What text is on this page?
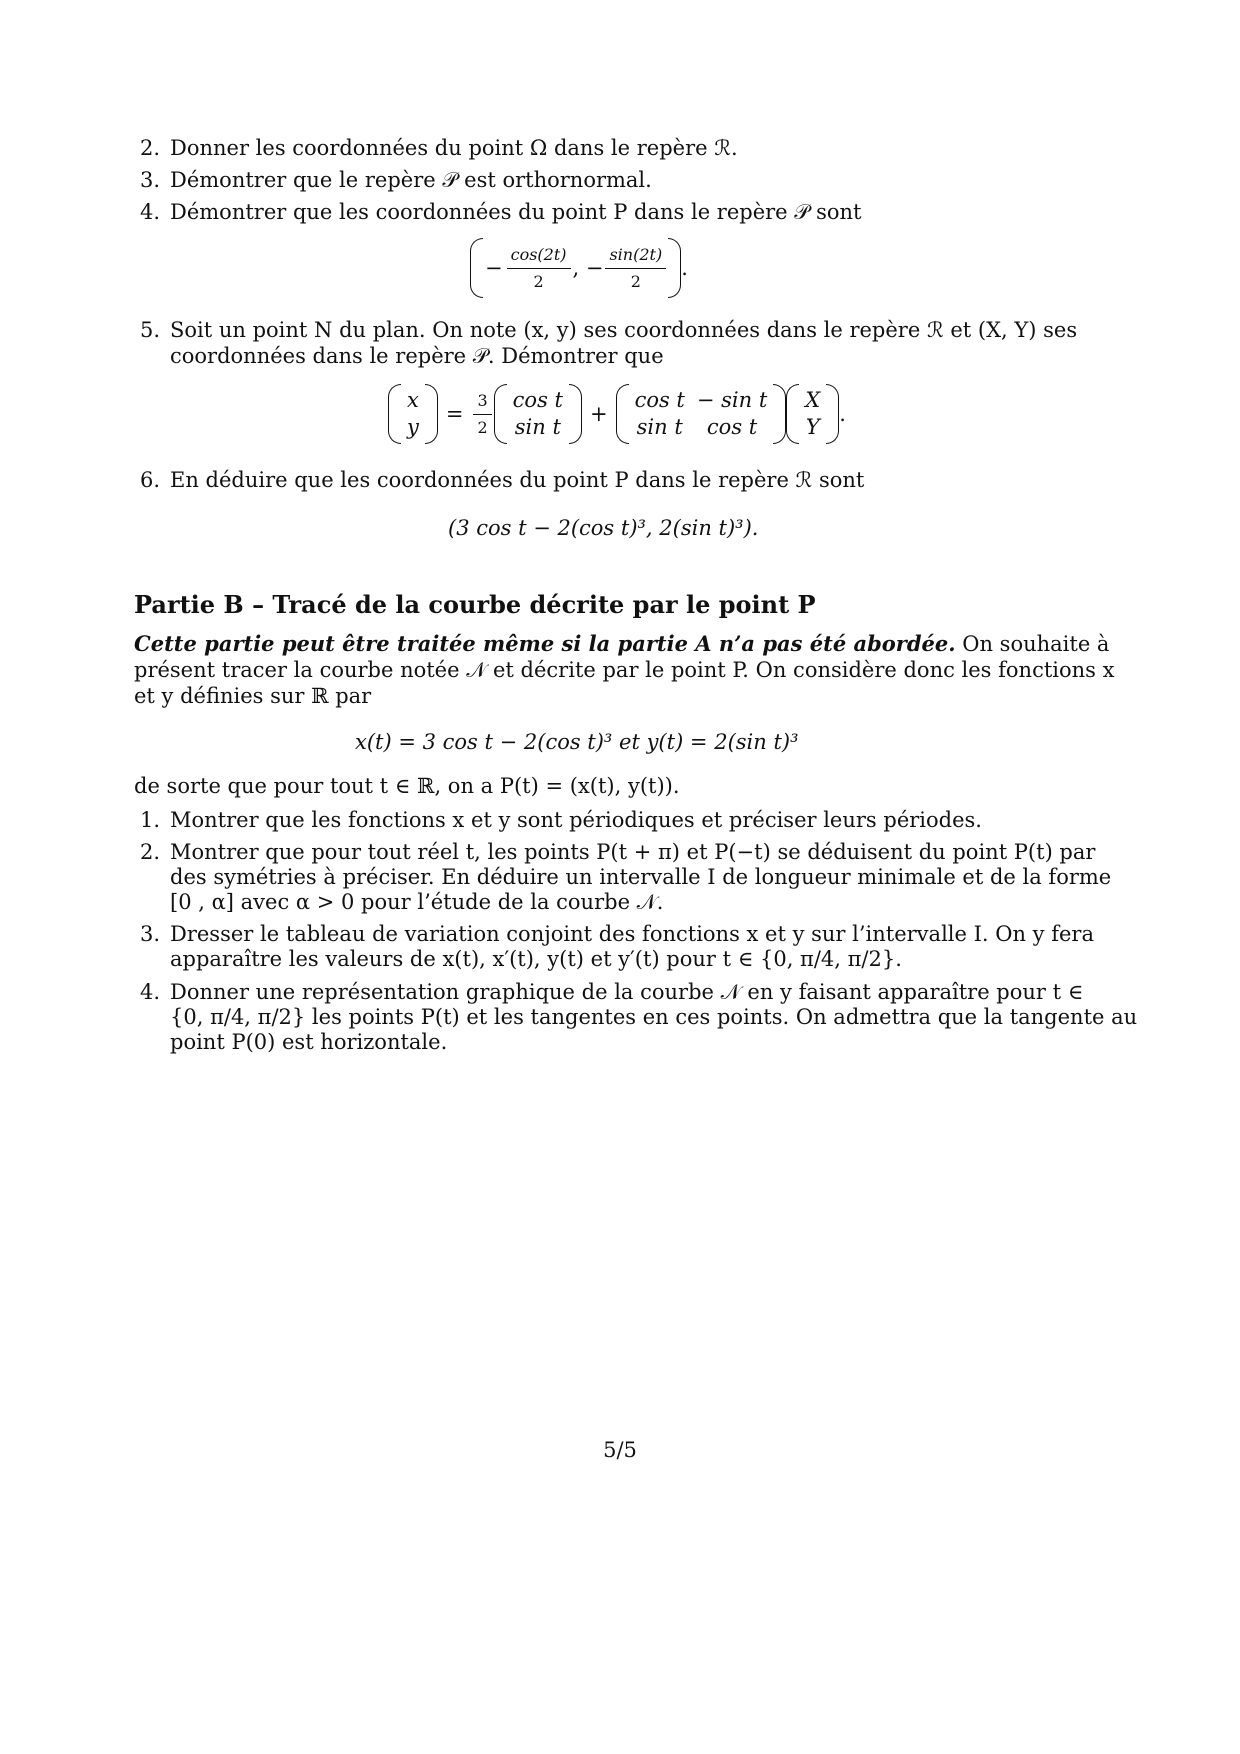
2. Donner les coordonnées du point Ω dans le repère ℛ.
3. Démontrer que le repère 𝒫 est orthornormal.
4. Démontrer que les coordonnées du point P dans le repère 𝒫 sont
− $\frac{\cos(2t)}{2}$ , − $\frac{\sin(2t)}{2}$ .
5. Soit un point N du plan. On note (x, y) ses coordonnées dans le repère ℛ et (X, Y) ses
coordonnées dans le repère 𝒫. Démontrer que
x
y
= $\frac{3}{2}$ cos t
sin t
+
cos t	− sin t
sin t	cos t
X
Y
.
6. En déduire que les coordonnées du point P dans le repère ℛ sont
(3 cos t − 2(cos t)³, 2(sin t)³).
Partie B – Tracé de la courbe décrite par le point P
Cette partie peut être traitée même si la partie A n’a pas été abordée. On souhaite à
présent tracer la courbe notée 𝒩 et décrite par le point P. On considère donc les fonctions x
et y définies sur ℝ par
x(t) = 3 cos t − 2(cos t)³ et y(t) = 2(sin t)³
de sorte que pour tout t ∈ ℝ, on a P(t) = (x(t), y(t)).
1. Montrer que les fonctions x et y sont périodiques et préciser leurs périodes.
2. Montrer que pour tout réel t, les points P(t + π) et P(−t) se déduisent du point P(t) par
des symétries à préciser. En déduire un intervalle I de longueur minimale et de la forme
[0 , α] avec α > 0 pour l’étude de la courbe 𝒩.
3. Dresser le tableau de variation conjoint des fonctions x et y sur l’intervalle I. On y fera
apparaître les valeurs de x(t), x′(t), y(t) et y′(t) pour t ∈ {0, π/4, π/2}.
4. Donner une représentation graphique de la courbe 𝒩 en y faisant apparaître pour t ∈
{0, π/4, π/2} les points P(t) et les tangentes en ces points. On admettra que la tangente au
point P(0) est horizontale.
5/5
